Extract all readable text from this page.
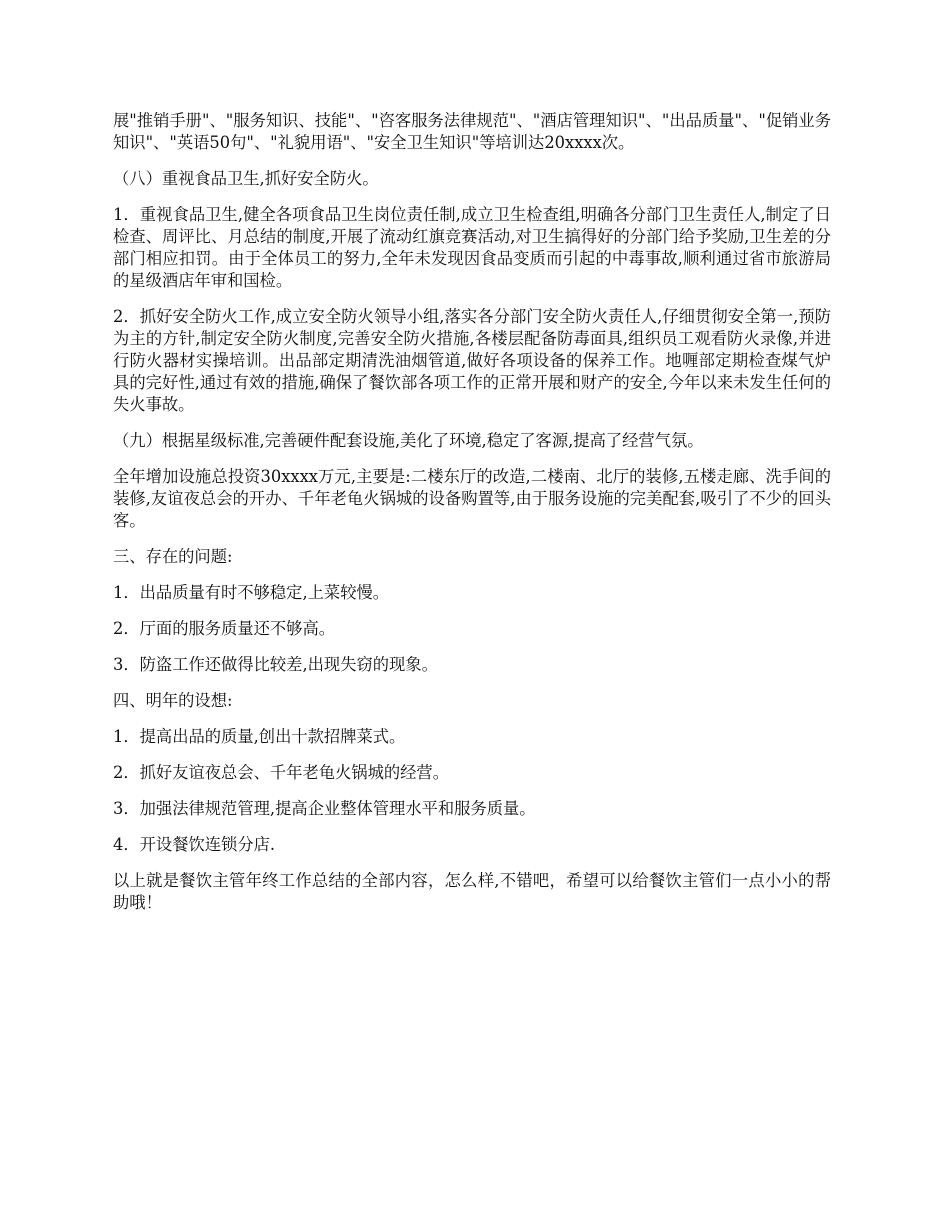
展"推销手册"、"服务知识、技能"、"咨客服务法律规范"、"酒店管理知识"、"出品质量"、"促销业务知识"、"英语50句"、"礼貌用语"、"安全卫生知识"等培训达20xxxx次。

（八）重视食品卫生,抓好安全防火。

1．重视食品卫生,健全各项食品卫生岗位责任制,成立卫生检查组,明确各分部门卫生责任人,制定了日检查、周评比、月总结的制度,开展了流动红旗竞赛活动,对卫生搞得好的分部门给予奖励,卫生差的分部门相应扣罚。由于全体员工的努力,全年未发现因食品变质而引起的中毒事故,顺利通过省市旅游局的星级酒店年审和国检。

2．抓好安全防火工作,成立安全防火领导小组,落实各分部门安全防火责任人,仔细贯彻安全第一,预防为主的方针,制定安全防火制度,完善安全防火措施,各楼层配备防毒面具,组织员工观看防火录像,并进行防火器材实操培训。出品部定期清洗油烟管道,做好各项设备的保养工作。地喱部定期检查煤气炉具的完好性,通过有效的措施,确保了餐饮部各项工作的正常开展和财产的安全,今年以来未发生任何的失火事故。

（九）根据星级标准,完善硬件配套设施,美化了环境,稳定了客源,提高了经营气氛。

全年增加设施总投资30xxxx万元,主要是:二楼东厅的改造,二楼南、北厅的装修,五楼走廊、洗手间的装修,友谊夜总会的开办、千年老龟火锅城的设备购置等,由于服务设施的完美配套,吸引了不少的回头客。

三、存在的问题:

1．出品质量有时不够稳定,上菜较慢。

2．厅面的服务质量还不够高。

3．防盗工作还做得比较差,出现失窃的现象。

四、明年的设想:

1．提高出品的质量,创出十款招牌菜式。

2．抓好友谊夜总会、千年老龟火锅城的经营。

3．加强法律规范管理,提高企业整体管理水平和服务质量。

4．开设餐饮连锁分店.

以上就是餐饮主管年终工作总结的全部内容，怎么样,不错吧，希望可以给餐饮主管们一点小小的帮助哦！
